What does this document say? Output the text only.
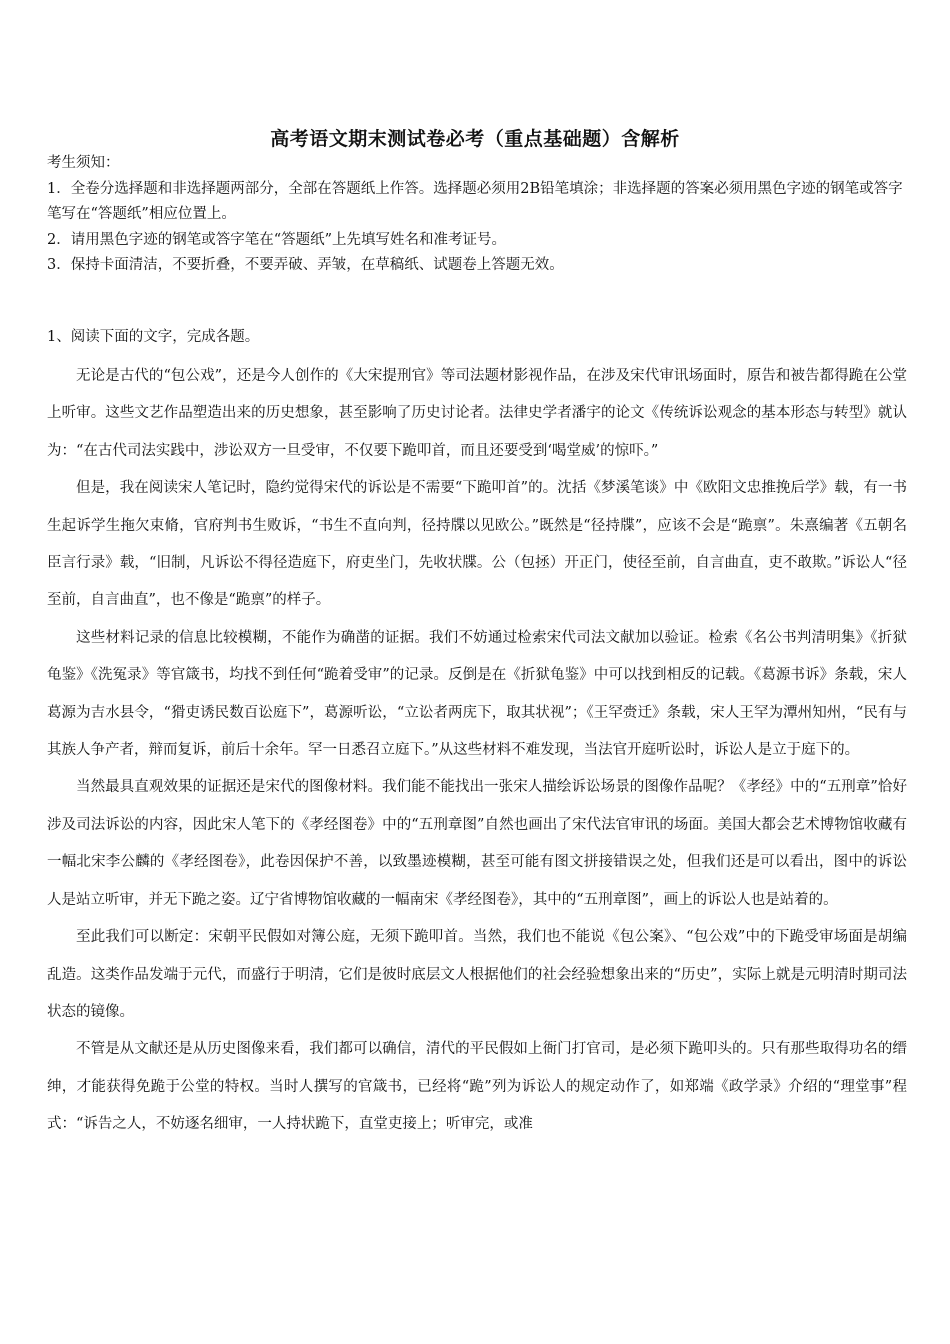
高考语文期末测试卷必考（重点基础题）含解析

考生须知：

1．全卷分选择题和非选择题两部分，全部在答题纸上作答。选择题必须用2B铅笔填涂；非选择题的答案必须用黑色字迹的钢笔或答字笔写在“答题纸”相应位置上。

2．请用黑色字迹的钢笔或答字笔在“答题纸”上先填写姓名和准考证号。

3．保持卡面清洁，不要折叠，不要弄破、弄皱，在草稿纸、试题卷上答题无效。

1、阅读下面的文字，完成各题。

无论是古代的“包公戏”，还是今人创作的《大宋提刑官》等司法题材影视作品，在涉及宋代审讯场面时，原告和被告都得跪在公堂上听审。这些文艺作品塑造出来的历史想象，甚至影响了历史讨论者。法律史学者潘宇的论文《传统诉讼观念的基本形态与转型》就认为：“在古代司法实践中，涉讼双方一旦受审，不仅要下跪叩首，而且还要受到‘喝堂威’的惊吓。”

但是，我在阅读宋人笔记时，隐约觉得宋代的诉讼是不需要“下跪叩首”的。沈括《梦溪笔谈》中《欧阳文忠推挽后学》载，有一书生起诉学生拖欠束脩，官府判书生败诉，“书生不直向判，径持牒以见欧公。”既然是“径持牒”，应该不会是“跪禀”。朱熹编著《五朝名臣言行录》载，“旧制，凡诉讼不得径造庭下，府吏坐门，先收状牒。公（包拯）开正门，使径至前，自言曲直，吏不敢欺。”诉讼人“径至前，自言曲直”，也不像是“跪禀”的样子。

这些材料记录的信息比较模糊，不能作为确凿的证据。我们不妨通过检索宋代司法文献加以验证。检索《名公书判清明集》《折狱龟鉴》《洗冤录》等官箴书，均找不到任何“跪着受审”的记录。反倒是在《折狱龟鉴》中可以找到相反的记载。《葛源书诉》条载，宋人葛源为吉水县令，“猾吏诱民数百讼庭下”，葛源听讼，“立讼者两庑下，取其状视”；《王罕赍迁》条载，宋人王罕为潭州知州，“民有与其族人争产者，辩而复诉，前后十余年。罕一日悉召立庭下。”从这些材料不难发现，当法官开庭听讼时，诉讼人是立于庭下的。

当然最具直观效果的证据还是宋代的图像材料。我们能不能找出一张宋人描绘诉讼场景的图像作品呢？《孝经》中的“五刑章”恰好涉及司法诉讼的内容，因此宋人笔下的《孝经图卷》中的“五刑章图”自然也画出了宋代法官审讯的场面。美国大都会艺术博物馆收藏有一幅北宋李公麟的《孝经图卷》，此卷因保护不善，以致墨迹模糊，甚至可能有图文拼接错误之处，但我们还是可以看出，图中的诉讼人是站立听审，并无下跪之姿。辽宁省博物馆收藏的一幅南宋《孝经图卷》，其中的“五刑章图”，画上的诉讼人也是站着的。

至此我们可以断定：宋朝平民假如对簿公庭，无须下跪叩首。当然，我们也不能说《包公案》、“包公戏”中的下跪受审场面是胡编乱造。这类作品发端于元代，而盛行于明清，它们是彼时底层文人根据他们的社会经验想象出来的“历史”，实际上就是元明清时期司法状态的镜像。

不管是从文献还是从历史图像来看，我们都可以确信，清代的平民假如上衙门打官司，是必须下跪叩头的。只有那些取得功名的缙绅，才能获得免跪于公堂的特权。当时人撰写的官箴书，已经将“跪”列为诉讼人的规定动作了，如郑端《政学录》介绍的“理堂事”程式：“诉告之人，不妨逐名细审，一人持状跪下，直堂吏接上；听审完，或准
